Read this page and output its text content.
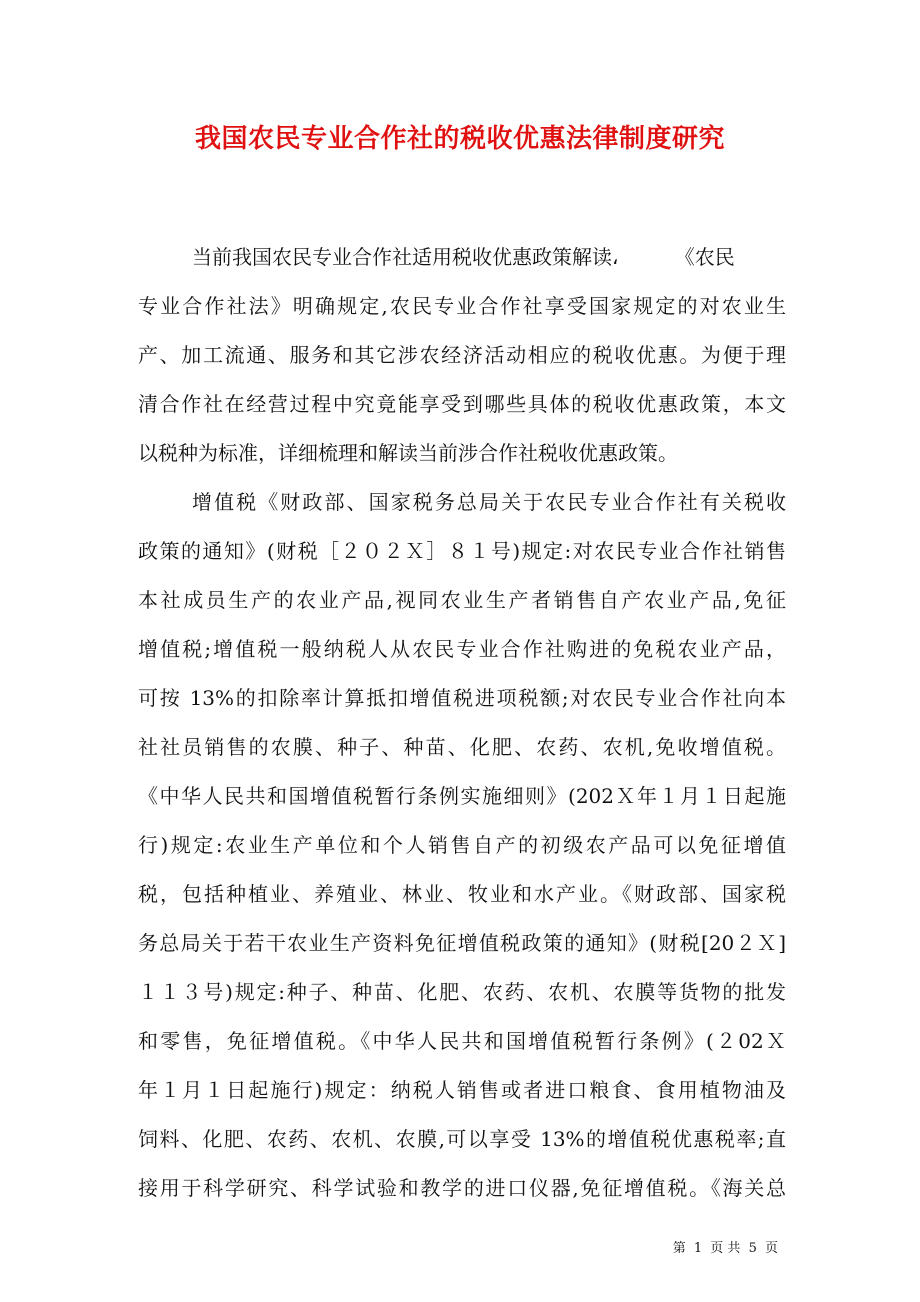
我国农民专业合作社的税收优惠法律制度研究
当前我国农民专业合作社适用税收优惠政策解读، 　　　《农民
专业合作社法》明确规定,农民专业合作社享受国家规定的对农业生
产、加工流通、服务和其它涉农经济活动相应的税收优惠。为便于理
清合作社在经营过程中究竟能享受到哪些具体的税收优惠政策，本文
以税种为标准，详细梳理和解读当前涉合作社税收优惠政策。
增值税《财政部、国家税务总局关于农民专业合作社有关税收
政策的通知》(财税［２０２Ｘ］８１号)规定:对农民专业合作社销售
本社成员生产的农业产品,视同农业生产者销售自产农业产品,免征
增值税;增值税一般纳税人从农民专业合作社购进的免税农业产品，
可按 13%的扣除率计算抵扣增值税进项税额;对农民专业合作社向本
社社员销售的农膜、种子、种苗、化肥、农药、农机,免收增值税。
《中华人民共和国增值税暂行条例实施细则》(202Ｘ年１月１日起施
行)规定:农业生产单位和个人销售自产的初级农产品可以免征增值
税，包括种植业、养殖业、林业、牧业和水产业。《财政部、国家税
务总局关于若干农业生产资料免征增值税政策的通知》(财税[20２Ｘ]
１１３号)规定:种子、种苗、化肥、农药、农机、农膜等货物的批发
和零售，免征增值税。《中华人民共和国增值税暂行条例》(２02Ｘ
年１月１日起施行)规定：纳税人销售或者进口粮食、食用植物油及
饲料、化肥、农药、农机、农膜,可以享受 13%的增值税优惠税率;直
接用于科学研究、科学试验和教学的进口仪器,免征增值税。《海关总
第 1 页 共 5 页
